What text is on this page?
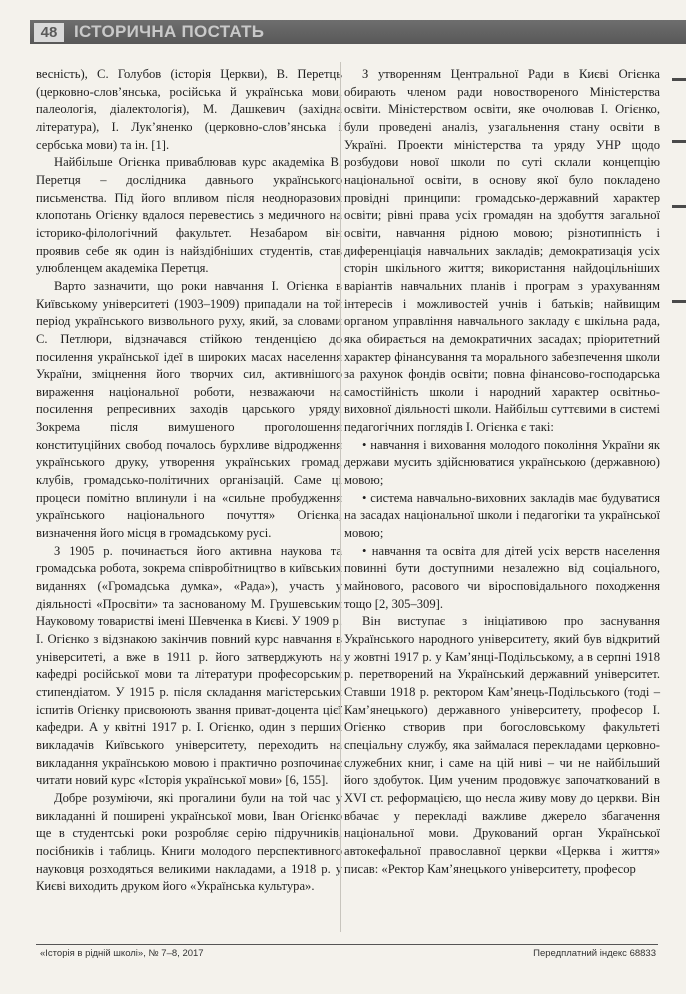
48 ІСТОРИЧНА ПОСТАТЬ

весність), С. Голубов (історія Церкви), В. Перетць (церковно-слов’янська, російська й українська мови, палеологія, діалектологія), М. Дашкевич (західна література), І. Лук’яненко (церковно-слов’янська і сербська мови) та ін. [1].

Найбільше Огієнка приваблював курс академіка В. Перетця – дослідника давнього українського письменства. Під його впливом після неодноразових клопотань Огієнку вдалося перевестись з медичного на історико-філологічний факультет. Незабаром він проявив себе як один із найздібніших студентів, став улюбленцем академіка Перетця.

Варто зазначити, що роки навчання І. Огієнка в Київському університеті (1903–1909) припадали на той період українського визвольного руху, який, за словами С. Петлюри, відзначався стійкою тенденцією до посилення української ідеї в широких масах населення України, зміцнення його творчих сил, активнішого вираження національної роботи, незважаючи на посилення репресивних заходів царського уряду. Зокрема після вимушеного проголошення конституційних свобод почалось бурхливе відродження українського друку, утворення українських громад, клубів, громадсько-політичних організацій. Саме ці процеси помітно вплинули і на «сильне пробудження українського національного почуття» Огієнка, визначення його місця в громадському русі.

З 1905 р. починається його активна наукова та громадська робота, зокрема співробітництво в київських виданнях («Громадська думка», «Рада»), участь у діяльності «Просвіти» та заснованому М. Грушевським Науковому товаристві імені Шевченка в Києві. У 1909 р. І. Огієнко з відзнакою закінчив повний курс навчання в університеті, а вже в 1911 р. його затверджують на кафедрі російської мови та літератури професорським стипендіатом. У 1915 р. після складання магістерських іспитів Огієнку присвоюють звання приват-доцента цієї кафедри. А у квітні 1917 р. І. Огієнко, один з перших викладачів Київського університету, переходить на викладання українською мовою і практично розпочинає читати новий курс «Історія української мови» [6, 155].

Добре розуміючи, які прогалини були на той час у викладанні й поширені української мови, Іван Огієнко ще в студентські роки розробляє серію підручників, посібників і таблиць. Книги молодого перспективного науковця розходяться великими накладами, а 1918 р. у Києві виходить друком його «Українська культура».

З утворенням Центральної Ради в Києві Огієнка обирають членом ради новоствореного Міністерства освіти. Міністерством освіти, яке очолював І. Огієнко, були проведені аналіз, узагальнення стану освіти в Україні. Проекти міністерства та уряду УНР щодо розбудови нової школи по суті склали концепцію національної освіти, в основу якої було покладено провідні принципи: громадсько-державний характер освіти; рівні права усіх громадян на здобуття загальної освіти, навчання рідною мовою; різнотипність і диференціація навчальних закладів; демократизація усіх сторін шкільного життя; використання найдоцільніших варіантів навчальних планів і програм з урахуванням інтересів і можливостей учнів і батьків; найвищим органом управління навчального закладу є шкільна рада, яка обирається на демократичних засадах; пріоритетний характер фінансування та морального забезпечення школи за рахунок фондів освіти; повна фінансово-господарська самостійність школи і народний характер освітньо-виховної діяльності школи. Найбільш суттєвими в системі педагогічних поглядів І. Огієнка є такі:

• навчання і виховання молодого покоління України як держави мусить здійснюватися українською (державною) мовою;

• система навчально-виховних закладів має будуватися на засадах національної школи і педагогіки та української мовою;

• навчання та освіта для дітей усіх верств населення повинні бути доступними незалежно від соціального, майнового, расового чи віросповідального походження тощо [2, 305–309].

Він виступає з ініціативою про заснування Українського народного університету, який був відкритий у жовтні 1917 р. у Кам’янці-Подільському, а в серпні 1918 р. перетворений на Український державний університет. Ставши 1918 р. ректором Кам’янець-Подільського (тоді – Кам’янецького) державного університету, професор І. Огієнко створив при богословському факультеті спеціальну службу, яка займалася перекладами церковно-служебних книг, і саме на цій ниві – чи не найбільший його здобуток. Цим ученим продовжує започаткований в XVI ст. реформацією, що несла живу мову до церкви. Він вбачає у перекладі важливе джерело збагачення національної мови. Друкований орган Української автокефальної православної церкви «Церква і життя» писав: «Ректор Кам’янецького університету, професор

«Історія в рідній школі», № 7–8, 2017	Передплатний індекс 68833
